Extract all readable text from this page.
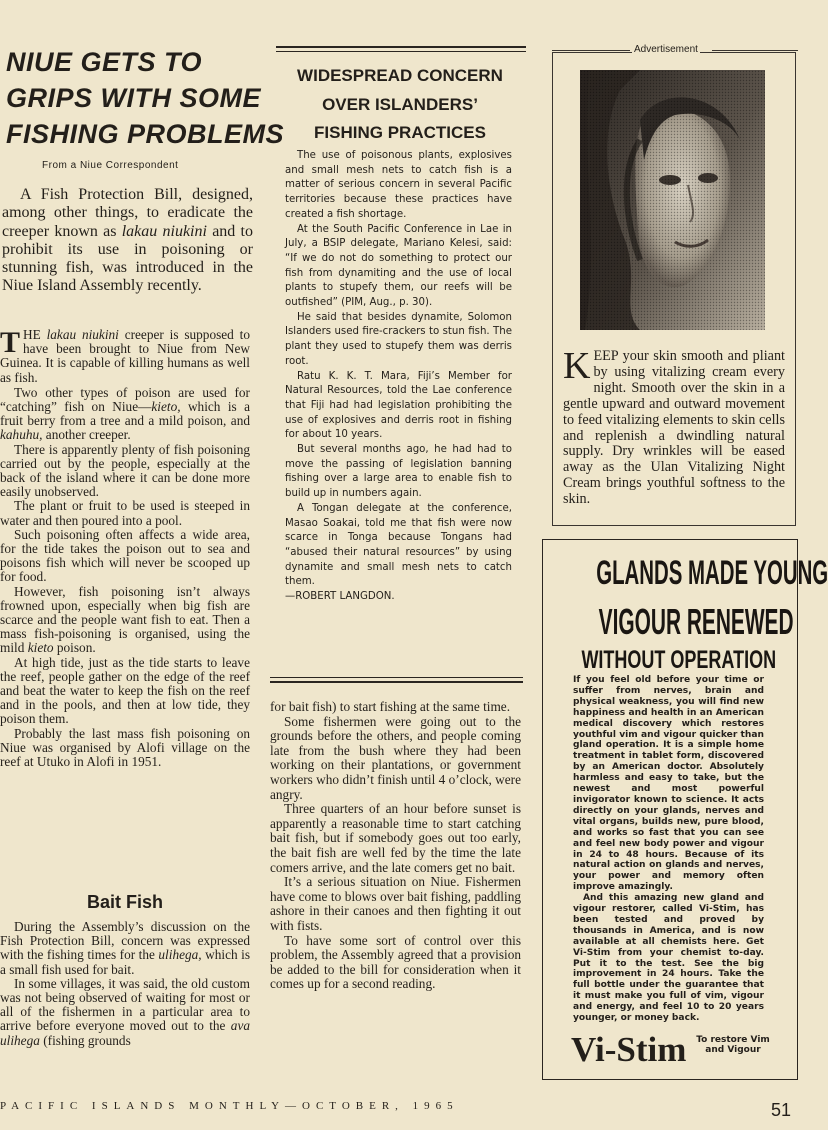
NIUE GETS TO
GRIPS WITH SOME
FISHING PROBLEMS
From a Niue Correspondent

A Fish Protection Bill, designed, among other things, to eradicate the creeper known as lakau niukini and to prohibit its use in poisoning or stunning fish, was introduced in the Niue Island Assembly recently.

THE lakau niukini creeper is supposed to have been brought to Niue from New Guinea. It is capable of killing humans as well as fish.

Two other types of poison are used for “catching” fish on Niue—kieto, which is a fruit berry from a tree and a mild poison, and kahuhu, another creeper.

There is apparently plenty of fish poisoning carried out by the people, especially at the back of the island where it can be done more easily unobserved.

The plant or fruit to be used is steeped in water and then poured into a pool.

Such poisoning often affects a wide area, for the tide takes the poison out to sea and poisons fish which will never be scooped up for food.

However, fish poisoning isn’t always frowned upon, especially when big fish are scarce and the people want fish to eat. Then a mass fish-poisoning is organised, using the mild kieto poison.

At high tide, just as the tide starts to leave the reef, people gather on the edge of the reef and beat the water to keep the fish on the reef and in the pools, and then at low tide, they poison them.

Probably the last mass fish poisoning on Niue was organised by Alofi village on the reef at Utuko in Alofi in 1951.

Bait Fish

During the Assembly’s discussion on the Fish Protection Bill, concern was expressed with the fishing times for the ulihega, which is a small fish used for bait.

In some villages, it was said, the old custom was not being observed of waiting for most or all of the fishermen in a particular area to arrive before everyone moved out to the ava ulihega (fishing grounds

WIDESPREAD CONCERN
OVER ISLANDERS’
FISHING PRACTICES

The use of poisonous plants, explosives and small mesh nets to catch fish is a matter of serious concern in several Pacific territories because these practices have created a fish shortage.

At the South Pacific Conference in Lae in July, a BSIP delegate, Mariano Kelesi, said: “If we do not do something to protect our fish from dynamiting and the use of local plants to stupefy them, our reefs will be outfished” (PIM, Aug., p. 30).

He said that besides dynamite, Solomon Islanders used fire-crackers to stun fish. The plant they used to stupefy them was derris root.

Ratu K. K. T. Mara, Fiji’s Member for Natural Resources, told the Lae conference that Fiji had had legislation prohibiting the use of explosives and derris root in fishing for about 10 years.

But several months ago, he had had to move the passing of legislation banning fishing over a large area to enable fish to build up in numbers again.

A Tongan delegate at the conference, Masao Soakai, told me that fish were now scarce in Tonga because Tongans had “abused their natural resources” by using dynamite and small mesh nets to catch them.

—ROBERT LANGDON.

for bait fish) to start fishing at the same time.

Some fishermen were going out to the grounds before the others, and people coming late from the bush where they had been working on their plantations, or government workers who didn’t finish until 4 o’clock, were angry.

Three quarters of an hour before sunset is apparently a reasonable time to start catching bait fish, but if somebody goes out too early, the bait fish are well fed by the time the late comers arrive, and the late comers get no bait.

It’s a serious situation on Niue. Fishermen have come to blows over bait fishing, paddling ashore in their canoes and then fighting it out with fists.

To have some sort of control over this problem, the Assembly agreed that a provision be added to the bill for consideration when it comes up for a second reading.

Advertisement
KEEP your skin smooth and pliant by using vitalizing cream every night. Smooth over the skin in a gentle upward and outward movement to feed vitalizing elements to skin cells and replenish a dwindling natural supply. Dry wrinkles will be eased away as the Ulan Vitalizing Night Cream brings youthful softness to the skin.
GLANDS MADE YOUNG
VIGOUR RENEWED
WITHOUT OPERATION

If you feel old before your time or suffer from nerves, brain and physical weakness, you will find new happiness and health in an American medical discovery which restores youthful vim and vigour quicker than gland operation. It is a simple home treatment in tablet form, discovered by an American doctor. Absolutely harmless and easy to take, but the newest and most powerful invigorator known to science. It acts directly on your glands, nerves and vital organs, builds new, pure blood, and works so fast that you can see and feel new body power and vigour in 24 to 48 hours. Because of its natural action on glands and nerves, your power and memory often improve amazingly.

And this amazing new gland and vigour restorer, called Vi-Stim, has been tested and proved by thousands in America, and is now available at all chemists here. Get Vi-Stim from your chemist to-day. Put it to the test. See the big improvement in 24 hours. Take the full bottle under the guarantee that it must make you full of vim, vigour and energy, and feel 10 to 20 years younger, or money back.

Vi-Stim To restore Vim and Vigour
PACIFIC ISLANDS MONTHLY—OCTOBER, 1965	51
